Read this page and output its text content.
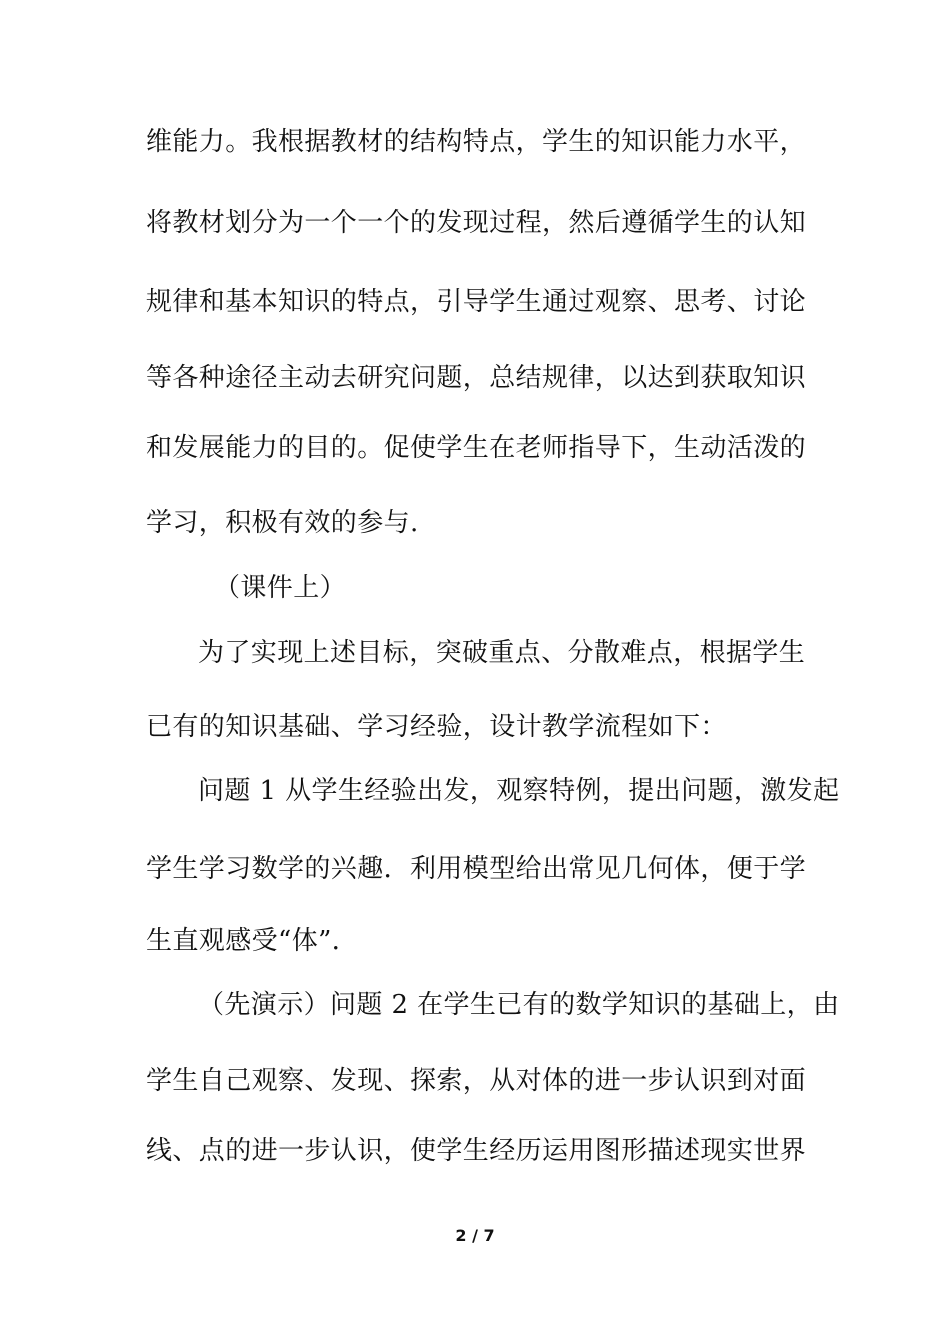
维能力。我根据教材的结构特点，学生的知识能力水平，
将教材划分为一个一个的发现过程，然后遵循学生的认知
规律和基本知识的特点，引导学生通过观察、思考、讨论
等各种途径主动去研究问题，总结规律，以达到获取知识
和发展能力的目的。促使学生在老师指导下，生动活泼的
学习，积极有效的参与.
（课件上）
为了实现上述目标，突破重点、分散难点，根据学生
已有的知识基础、学习经验，设计教学流程如下：
问题 1 从学生经验出发，观察特例，提出问题，激发起
学生学习数学的兴趣．利用模型给出常见几何体，便于学
生直观感受“体”．
（先演示）问题 2 在学生已有的数学知识的基础上，由
学生自己观察、发现、探索，从对体的进一步认识到对面
线、点的进一步认识，使学生经历运用图形描述现实世界
2 / 7
